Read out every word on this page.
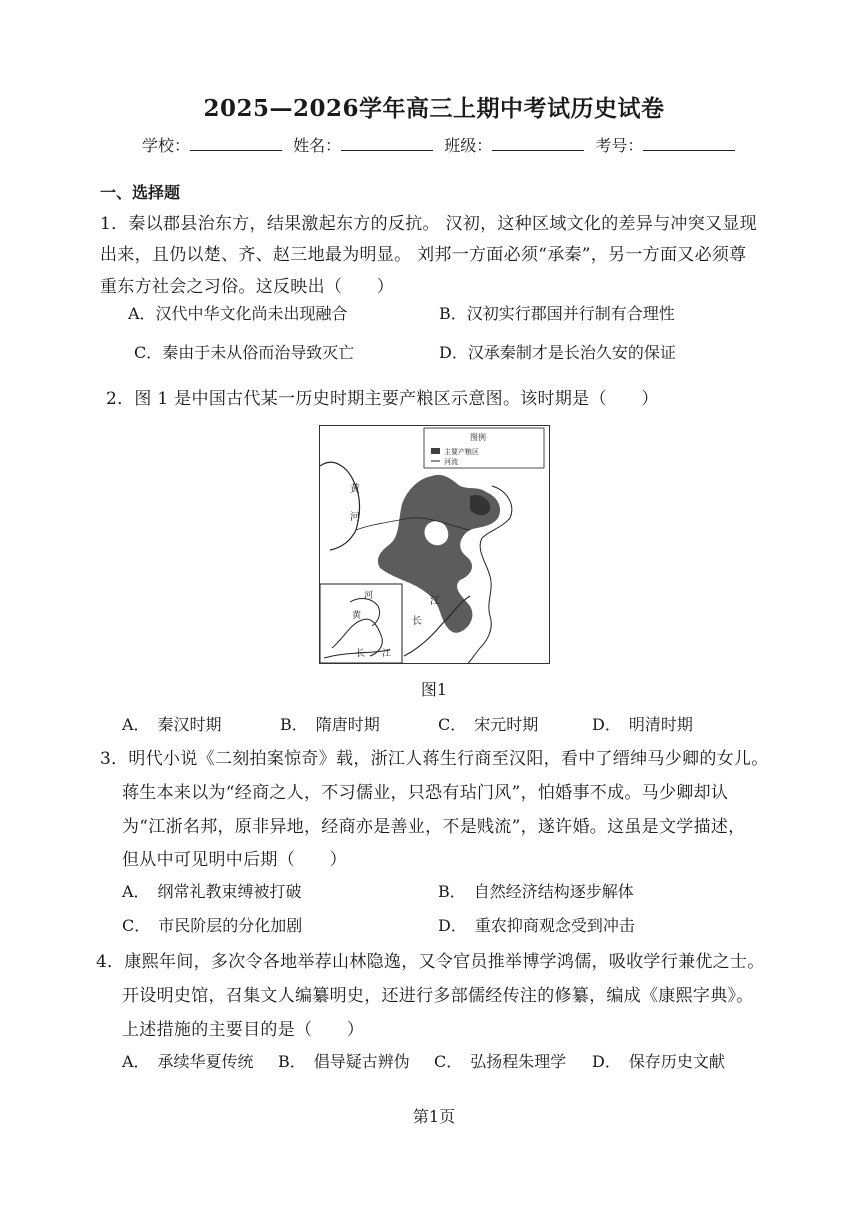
2025—2026学年高三上期中考试历史试卷
学校：	姓名：	班级：	考号：
一、选择题
1．秦以郡县治东方，结果激起东方的反抗。 汉初，这种区域文化的差异与冲突又显现
出来，且仍以楚、齐、赵三地最为明显。 刘邦一方面必须“承秦”，另一方面又必须尊
重东方社会之习俗。这反映出（　　）
A．汉代中华文化尚未出现融合	B．汉初实行郡国并行制有合理性
C．秦由于未从俗而治导致灭亡	D．汉承秦制才是长治久安的保证
2．图 1 是中国古代某一历史时期主要产粮区示意图。该时期是（　　）
图例
主要产粮区
河流
黄
河
江
长
河
黄
长 江
图1
A．　秦汉时期	B．　隋唐时期	C．　宋元时期	D．　明清时期
3．明代小说《二刻拍案惊奇》载，浙江人蒋生行商至汉阳，看中了缙绅马少卿的女儿。
蒋生本来以为“经商之人，不习儒业，只恐有玷门风”，怕婚事不成。马少卿却认
为“江浙名邦，原非异地，经商亦是善业，不是贱流”，遂许婚。这虽是文学描述，
但从中可见明中后期（　　）
A．　纲常礼教束缚被打破	B．　自然经济结构逐步解体
C．　市民阶层的分化加剧	D．　重农抑商观念受到冲击
4．康熙年间，多次令各地举荐山林隐逸，又令官员推举博学鸿儒，吸收学行兼优之士。
开设明史馆，召集文人编纂明史，还进行多部儒经传注的修纂，编成《康熙字典》。
上述措施的主要目的是（　　）
A．　承续华夏传统 B．　倡导疑古辨伪 C．　弘扬程朱理学 D．　保存历史文献
第1页
